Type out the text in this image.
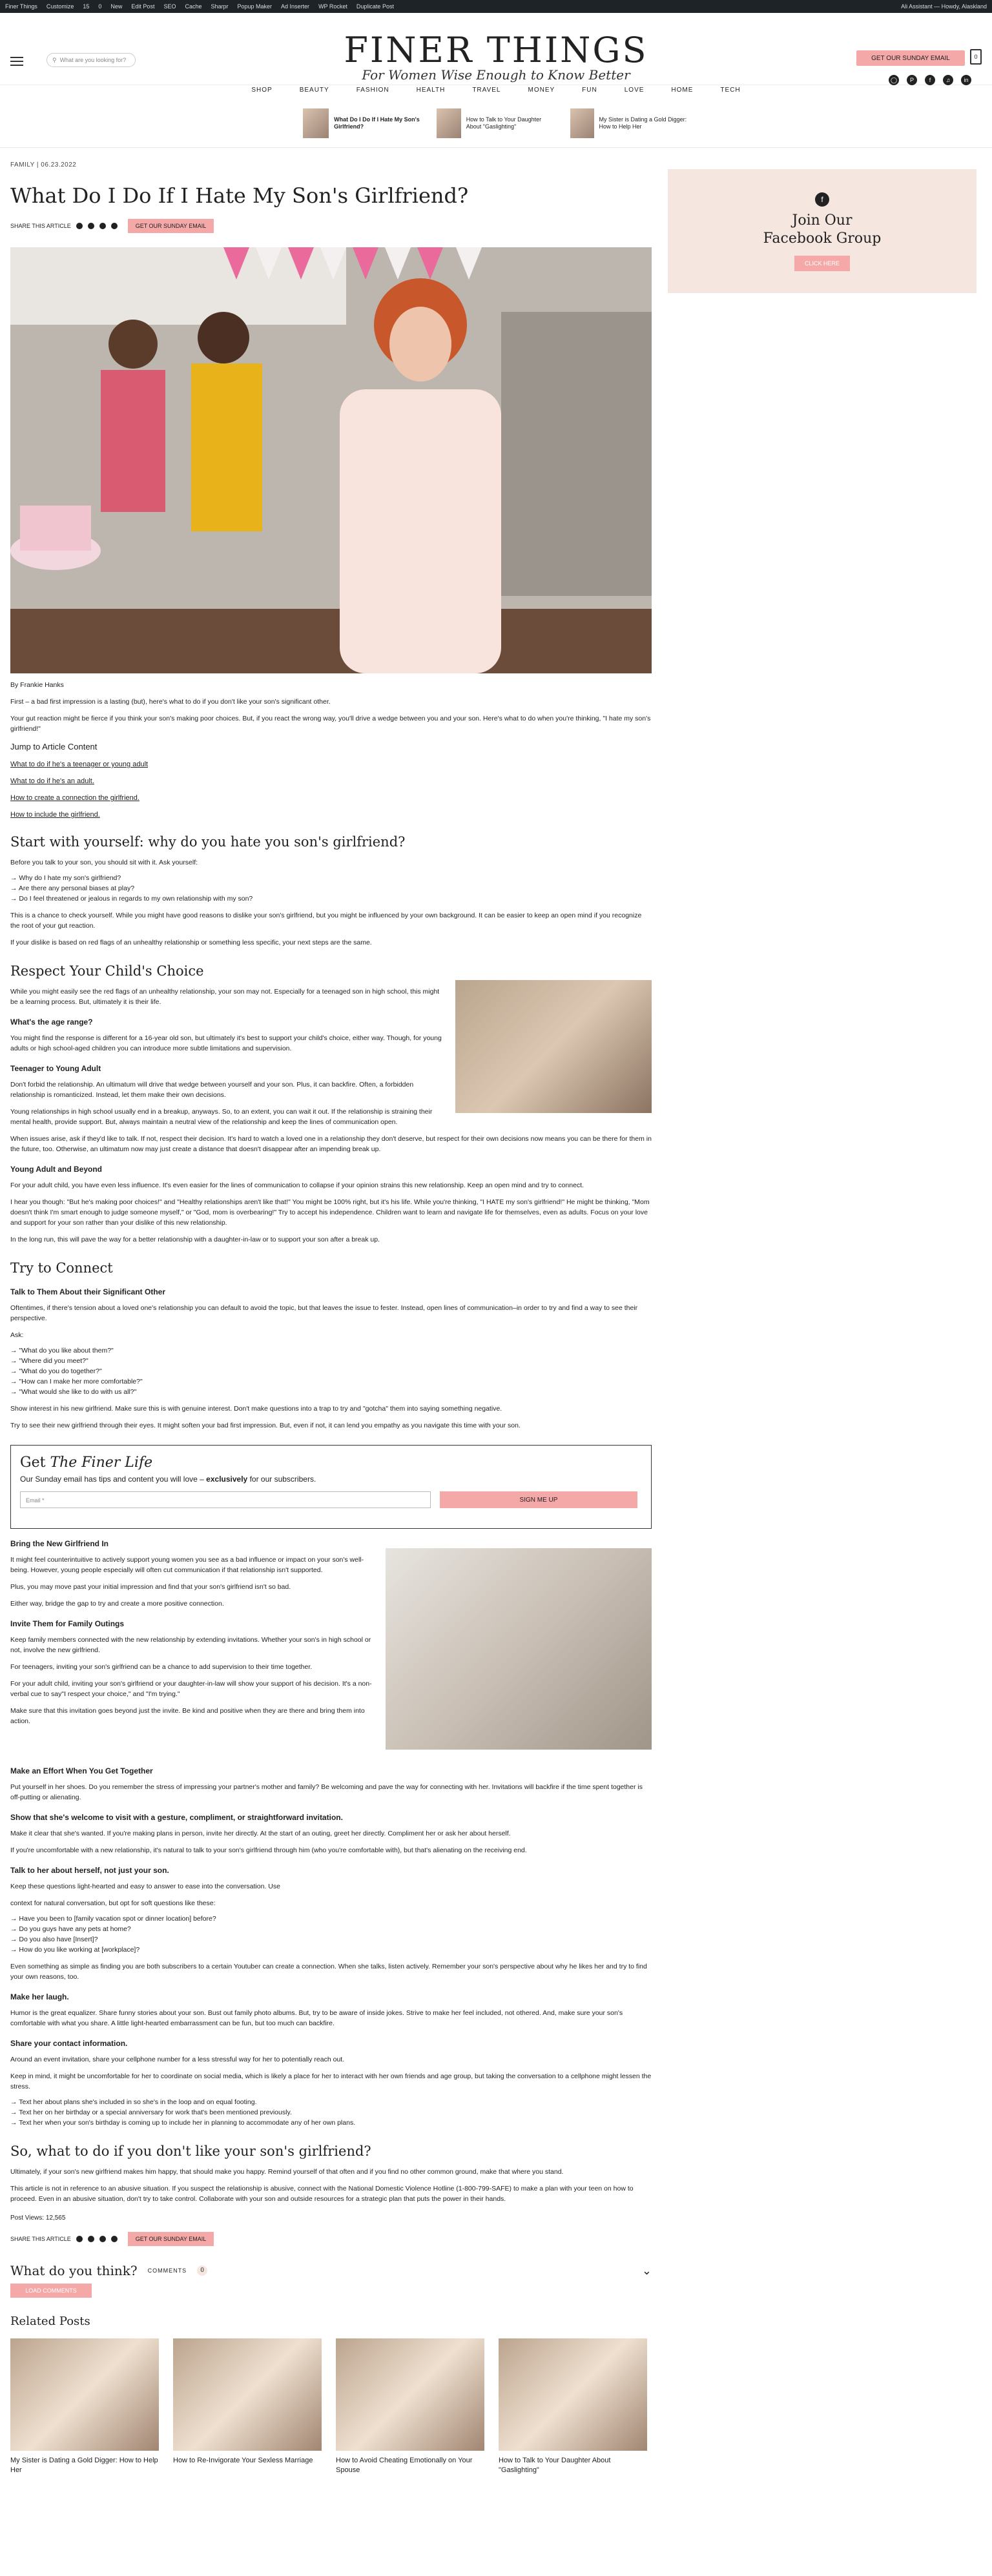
Finer Things Customize 15 0 New Edit Post SEO Cache Sharpr Popup Maker Ad Inserter WP Rocket Duplicate Post	Ali Assistant — Howdy, Alaskland
⚲ What are you looking for?	FINER THINGS
For Women Wise Enough to Know Better
GET OUR SUNDAY EMAIL	0
◯	P	f	♫	in
SHOP	BEAUTY	FASHION	HEALTH	TRAVEL	MONEY	FUN	LOVE	HOME	TECH
What Do I Do If I Hate My Son's Girlfriend?
How to Talk to Your Daughter About "Gaslighting"
My Sister is Dating a Gold Digger: How to Help Her
f
Join Our Facebook Group
CLICK HERE
FAMILY | 06.23.2022
What Do I Do If I Hate My Son's Girlfriend?
SHARE THIS ARTICLE	GET OUR SUNDAY EMAIL

By Frankie Hanks

First – a bad first impression is a lasting (but), here's what to do if you don't like your son's significant other.

Your gut reaction might be fierce if you think your son's making poor choices. But, if you react the wrong way, you'll drive a wedge between you and your son. Here's what to do when you're thinking, "I hate my son's girlfriend!"

Jump to Article Content
What to do if he's a teenager or young adult
What to do if he's an adult.
How to create a connection the girlfriend.
How to include the girlfriend.
Start with yourself: why do you hate you son's girlfriend?

Before you talk to your son, you should sit with it. Ask yourself:

→ Why do I hate my son's girlfriend?
→ Are there any personal biases at play?
→ Do I feel threatened or jealous in regards to my own relationship with my son?

This is a chance to check yourself. While you might have good reasons to dislike your son's girlfriend, but you might be influenced by your own background. It can be easier to keep an open mind if you recognize the root of your gut reaction.

If your dislike is based on red flags of an unhealthy relationship or something less specific, your next steps are the same.

Respect Your Child's Choice

While you might easily see the red flags of an unhealthy relationship, your son may not. Especially for a teenaged son in high school, this might be a learning process. But, ultimately it is their life.

What's the age range?

You might find the response is different for a 16-year old son, but ultimately it's best to support your child's choice, either way. Though, for young adults or high school-aged children you can introduce more subtle limitations and supervision.

Teenager to Young Adult

Don't forbid the relationship. An ultimatum will drive that wedge between yourself and your son. Plus, it can backfire. Often, a forbidden relationship is romanticized. Instead, let them make their own decisions.

Young relationships in high school usually end in a breakup, anyways. So, to an extent, you can wait it out. If the relationship is straining their mental health, provide support. But, always maintain a neutral view of the relationship and keep the lines of communication open.

When issues arise, ask if they'd like to talk. If not, respect their decision. It's hard to watch a loved one in a relationship they don't deserve, but respect for their own decisions now means you can be there for them in the future, too. Otherwise, an ultimatum now may just create a distance that doesn't disappear after an impending break up.

Young Adult and Beyond

For your adult child, you have even less influence. It's even easier for the lines of communication to collapse if your opinion strains this new relationship. Keep an open mind and try to connect.

I hear you though: "But he's making poor choices!" and "Healthy relationships aren't like that!" You might be 100% right, but it's his life. While you're thinking, "I HATE my son's girlfriend!" He might be thinking, "Mom doesn't think I'm smart enough to judge someone myself," or "God, mom is overbearing!" Try to accept his independence. Children want to learn and navigate life for themselves, even as adults. Focus on your love and support for your son rather than your dislike of this new relationship.

In the long run, this will pave the way for a better relationship with a daughter-in-law or to support your son after a break up.

Try to Connect
Talk to Them About their Significant Other

Oftentimes, if there's tension about a loved one's relationship you can default to avoid the topic, but that leaves the issue to fester. Instead, open lines of communication–in order to try and find a way to see their perspective.

Ask:

→ "What do you like about them?"
→ "Where did you meet?"
→ "What do you do together?"
→ "How can I make her more comfortable?"
→ "What would she like to do with us all?"

Show interest in his new girlfriend. Make sure this is with genuine interest. Don't make questions into a trap to try and "gotcha" them into saying something negative.

Try to see their new girlfriend through their eyes. It might soften your bad first impression. But, even if not, it can lend you empathy as you navigate this time with your son.

Get The Finer Life
Our Sunday email has tips and content you will love – exclusively for our subscribers.
Email *	SIGN ME UP
Bring the New Girlfriend In

It might feel counterintuitive to actively support young women you see as a bad influence or impact on your son's well-being. However, young people especially will often cut communication if that relationship isn't supported.

Plus, you may move past your initial impression and find that your son's girlfriend isn't so bad.

Either way, bridge the gap to try and create a more positive connection.

Invite Them for Family Outings

Keep family members connected with the new relationship by extending invitations. Whether your son's in high school or not, involve the new girlfriend.

For teenagers, inviting your son's girlfriend can be a chance to add supervision to their time together.

For your adult child, inviting your son's girlfriend or your daughter-in-law will show your support of his decision. It's a non-verbal cue to say"I respect your choice," and "I'm trying."

Make sure that this invitation goes beyond just the invite. Be kind and positive when they are there and bring them into action.

Make an Effort When You Get Together

Put yourself in her shoes. Do you remember the stress of impressing your partner's mother and family? Be welcoming and pave the way for connecting with her. Invitations will backfire if the time spent together is off-putting or alienating.

Show that she's welcome to visit with a gesture, compliment, or straightforward invitation.

Make it clear that she's wanted. If you're making plans in person, invite her directly. At the start of an outing, greet her directly. Compliment her or ask her about herself.

If you're uncomfortable with a new relationship, it's natural to talk to your son's girlfriend through him (who you're comfortable with), but that's alienating on the receiving end.

Talk to her about herself, not just your son.

Keep these questions light-hearted and easy to answer to ease into the conversation. Use

context for natural conversation, but opt for soft questions like these:

→ Have you been to [family vacation spot or dinner location] before?
→ Do you guys have any pets at home?
→ Do you also have [Insert]?
→ How do you like working at [workplace]?

Even something as simple as finding you are both subscribers to a certain Youtuber can create a connection. When she talks, listen actively. Remember your son's perspective about why he likes her and try to find your own reasons, too.

Make her laugh.

Humor is the great equalizer. Share funny stories about your son. Bust out family photo albums. But, try to be aware of inside jokes. Strive to make her feel included, not othered. And, make sure your son's comfortable with what you share. A little light-hearted embarrassment can be fun, but too much can backfire.

Share your contact information.

Around an event invitation, share your cellphone number for a less stressful way for her to potentially reach out.

Keep in mind, it might be uncomfortable for her to coordinate on social media, which is likely a place for her to interact with her own friends and age group, but taking the conversation to a cellphone might lessen the stress.

→ Text her about plans she's included in so she's in the loop and on equal footing.
→ Text her on her birthday or a special anniversary for work that's been mentioned previously.
→ Text her when your son's birthday is coming up to include her in planning to accommodate any of her own plans.
So, what to do if you don't like your son's girlfriend?

Ultimately, if your son's new girlfriend makes him happy, that should make you happy. Remind yourself of that often and if you find no other common ground, make that where you stand.

This article is not in reference to an abusive situation. If you suspect the relationship is abusive, connect with the National Domestic Violence Hotline (1-800-799-SAFE) to make a plan with your teen on how to proceed. Even in an abusive situation, don't try to take control. Collaborate with your son and outside resources for a strategic plan that puts the power in their hands.

Post Views: 12,565
SHARE THIS ARTICLE	GET OUR SUNDAY EMAIL
What do you think? COMMENTS	0	⌄
LOAD COMMENTS
Related Posts
My Sister is Dating a Gold Digger: How to Help Her
How to Re-Invigorate Your Sexless Marriage	How to Avoid Cheating Emotionally on Your Spouse
How to Talk to Your Daughter About "Gaslighting"
